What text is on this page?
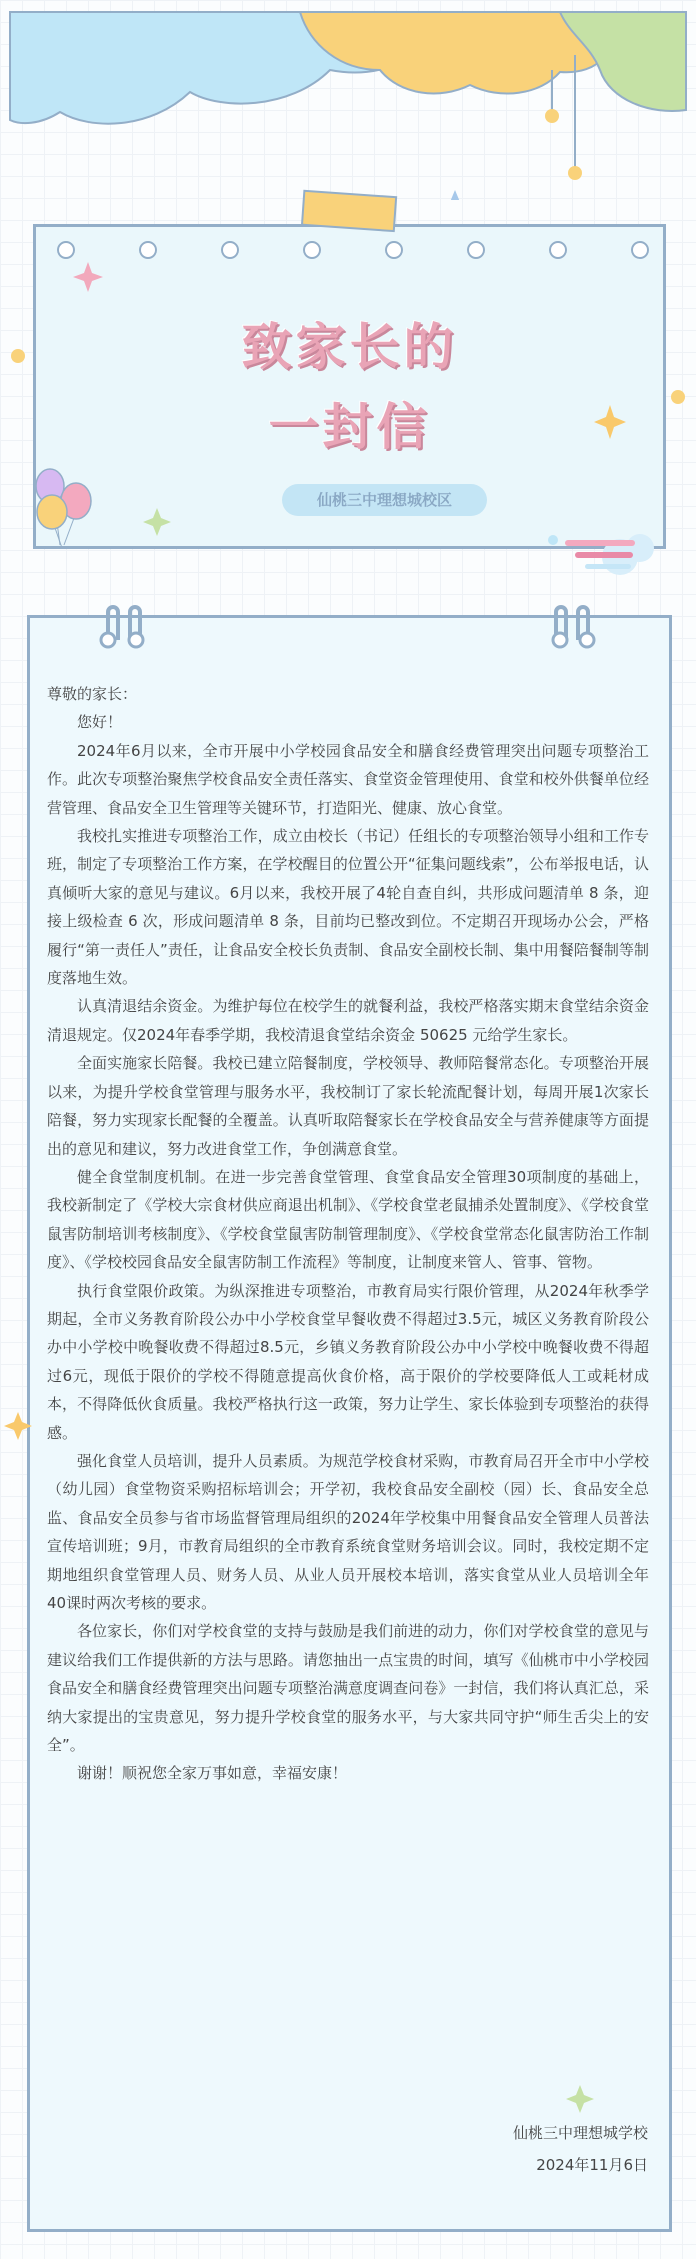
致家长的
一封信
仙桃三中理想城校区

尊敬的家长：

您好！

2024年6月以来，全市开展中小学校园食品安全和膳食经费管理突出问题专项整治工作。此次专项整治聚焦学校食品安全责任落实、食堂资金管理使用、食堂和校外供餐单位经营管理、食品安全卫生管理等关键环节，打造阳光、健康、放心食堂。

我校扎实推进专项整治工作，成立由校长（书记）任组长的专项整治领导小组和工作专班，制定了专项整治工作方案，在学校醒目的位置公开“征集问题线索”，公布举报电话，认真倾听大家的意见与建议。6月以来，我校开展了4轮自查自纠，共形成问题清单 8 条，迎接上级检查 6 次，形成问题清单 8 条，目前均已整改到位。不定期召开现场办公会，严格履行“第一责任人”责任，让食品安全校长负责制、食品安全副校长制、集中用餐陪餐制等制度落地生效。

认真清退结余资金。为维护每位在校学生的就餐利益，我校严格落实期末食堂结余资金清退规定。仅2024年春季学期，我校清退食堂结余资金 50625 元给学生家长。

全面实施家长陪餐。我校已建立陪餐制度，学校领导、教师陪餐常态化。专项整治开展以来，为提升学校食堂管理与服务水平，我校制订了家长轮流配餐计划，每周开展1次家长陪餐，努力实现家长配餐的全覆盖。认真听取陪餐家长在学校食品安全与营养健康等方面提出的意见和建议，努力改进食堂工作，争创满意食堂。

健全食堂制度机制。在进一步完善食堂管理、食堂食品安全管理30项制度的基础上，我校新制定了《学校大宗食材供应商退出机制》、《学校食堂老鼠捕杀处置制度》、《学校食堂鼠害防制培训考核制度》、《学校食堂鼠害防制管理制度》、《学校食堂常态化鼠害防治工作制度》、《学校校园食品安全鼠害防制工作流程》等制度，让制度来管人、管事、管物。

执行食堂限价政策。为纵深推进专项整治，市教育局实行限价管理，从2024年秋季学期起，全市义务教育阶段公办中小学校食堂早餐收费不得超过3.5元，城区义务教育阶段公办中小学校中晚餐收费不得超过8.5元，乡镇义务教育阶段公办中小学校中晚餐收费不得超过6元，现低于限价的学校不得随意提高伙食价格，高于限价的学校要降低人工或耗材成本，不得降低伙食质量。我校严格执行这一政策，努力让学生、家长体验到专项整治的获得感。

强化食堂人员培训，提升人员素质。为规范学校食材采购，市教育局召开全市中小学校（幼儿园）食堂物资采购招标培训会；开学初，我校食品安全副校（园）长、食品安全总监、食品安全员参与省市场监督管理局组织的2024年学校集中用餐食品安全管理人员普法宣传培训班；9月，市教育局组织的全市教育系统食堂财务培训会议。同时，我校定期不定期地组织食堂管理人员、财务人员、从业人员开展校本培训，落实食堂从业人员培训全年40课时两次考核的要求。

各位家长，你们对学校食堂的支持与鼓励是我们前进的动力，你们对学校食堂的意见与建议给我们工作提供新的方法与思路。请您抽出一点宝贵的时间，填写《仙桃市中小学校园食品安全和膳食经费管理突出问题专项整治满意度调查问卷》一封信，我们将认真汇总，采纳大家提出的宝贵意见，努力提升学校食堂的服务水平，与大家共同守护“师生舌尖上的安全”。

谢谢！顺祝您全家万事如意，幸福安康！

仙桃三中理想城学校
2024年11月6日
